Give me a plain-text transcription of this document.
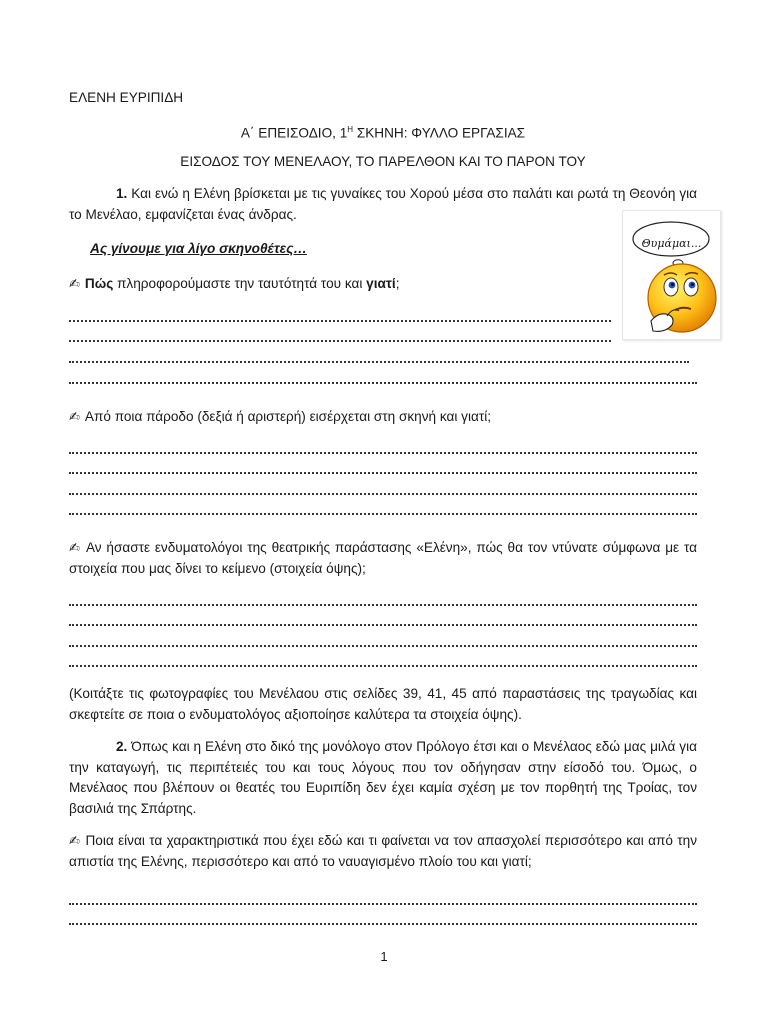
ΕΛΕΝΗ ΕΥΡΙΠΙΔΗ
Α΄ ΕΠΕΙΣΟΔΙΟ, $1^H$ ΣΚΗΝΗ: ΦΥΛΛΟ ΕΡΓΑΣΙΑΣ
ΕΙΣΟΔΟΣ ΤΟΥ ΜΕΝΕΛΑΟΥ, ΤΟ ΠΑΡΕΛΘΟΝ ΚΑΙ ΤΟ ΠΑΡΟΝ ΤΟΥ
1. Και ενώ η Ελένη βρίσκεται με τις γυναίκες του Χορού μέσα στο παλάτι και ρωτά τη Θεονόη για το Μενέλαο, εμφανίζεται ένας άνδρας.
Ας γίνουμε για λίγο σκηνοθέτες…	Θυμάμαι...
✍ Πώς πληροφορούμαστε την ταυτότητά του και γιατί;
✍ Από ποια πάροδο (δεξιά ή αριστερή) εισέρχεται στη σκηνή και γιατί;
✍ Αν ήσαστε ενδυματολόγοι της θεατρικής παράστασης «Ελένη», πώς θα τον ντύνατε σύμφωνα με τα στοιχεία που μας δίνει το κείμενο (στοιχεία όψης);
(Κοιτάξτε τις φωτογραφίες του Μενέλαου στις σελίδες 39, 41, 45 από παραστάσεις της τραγωδίας και σκεφτείτε σε ποια ο ενδυματολόγος αξιοποίησε καλύτερα τα στοιχεία όψης).
2. Όπως και η Ελένη στο δικό της μονόλογο στον Πρόλογο έτσι και ο Μενέλαος εδώ μας μιλά για την καταγωγή, τις περιπέτειές του και τους λόγους που τον οδήγησαν στην είσοδό του. Όμως, ο Μενέλαος που βλέπουν οι θεατές του Ευριπίδη δεν έχει καμία σχέση με τον πορθητή της Τροίας, τον βασιλιά της Σπάρτης.
✍ Ποια είναι τα χαρακτηριστικά που έχει εδώ και τι φαίνεται να τον απασχολεί περισσότερο και από την απιστία της Ελένης, περισσότερο και από το ναυαγισμένο πλοίο του και γιατί;
1
